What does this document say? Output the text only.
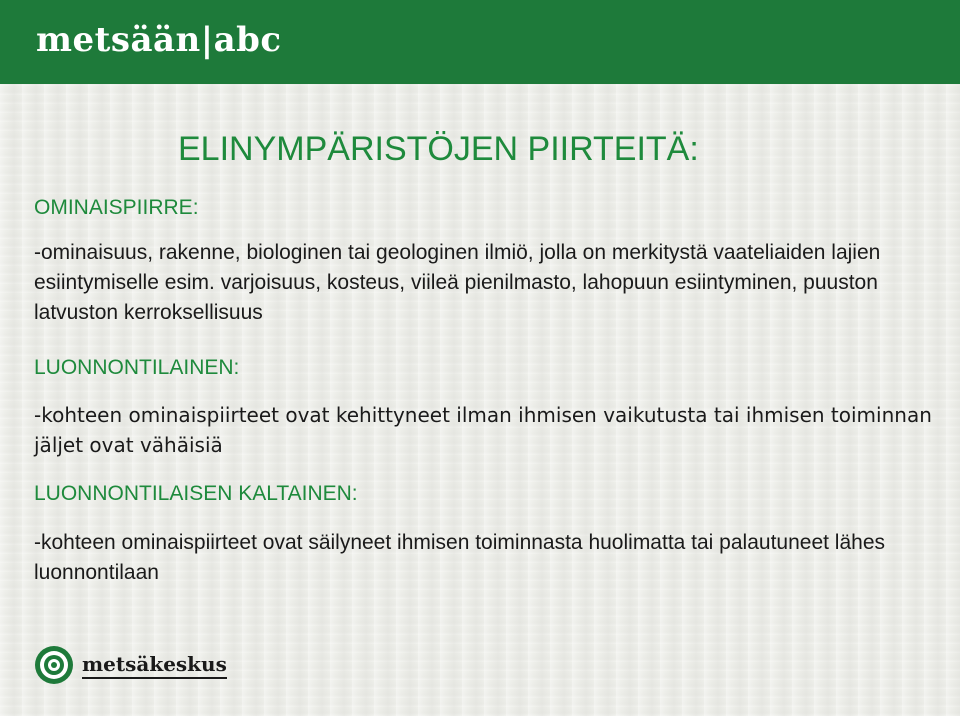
metsään|abc
ELINYMPÄRISTÖJEN PIIRTEITÄ:
OMINAISPIIRRE:
-ominaisuus, rakenne, biologinen tai geologinen ilmiö, jolla on merkitystä vaateliaiden lajien esiintymiselle esim. varjoisuus, kosteus, viileä pienilmasto, lahopuun esiintyminen, puuston latvuston kerroksellisuus
LUONNONTILAINEN:
-kohteen ominaispiirteet ovat kehittyneet ilman ihmisen vaikutusta tai ihmisen toiminnan jäljet ovat vähäisiä
LUONNONTILAISEN KALTAINEN:
-kohteen ominaispiirteet ovat säilyneet ihmisen toiminnasta huolimatta tai palautuneet lähes luonnontilaan
metsäkeskus
